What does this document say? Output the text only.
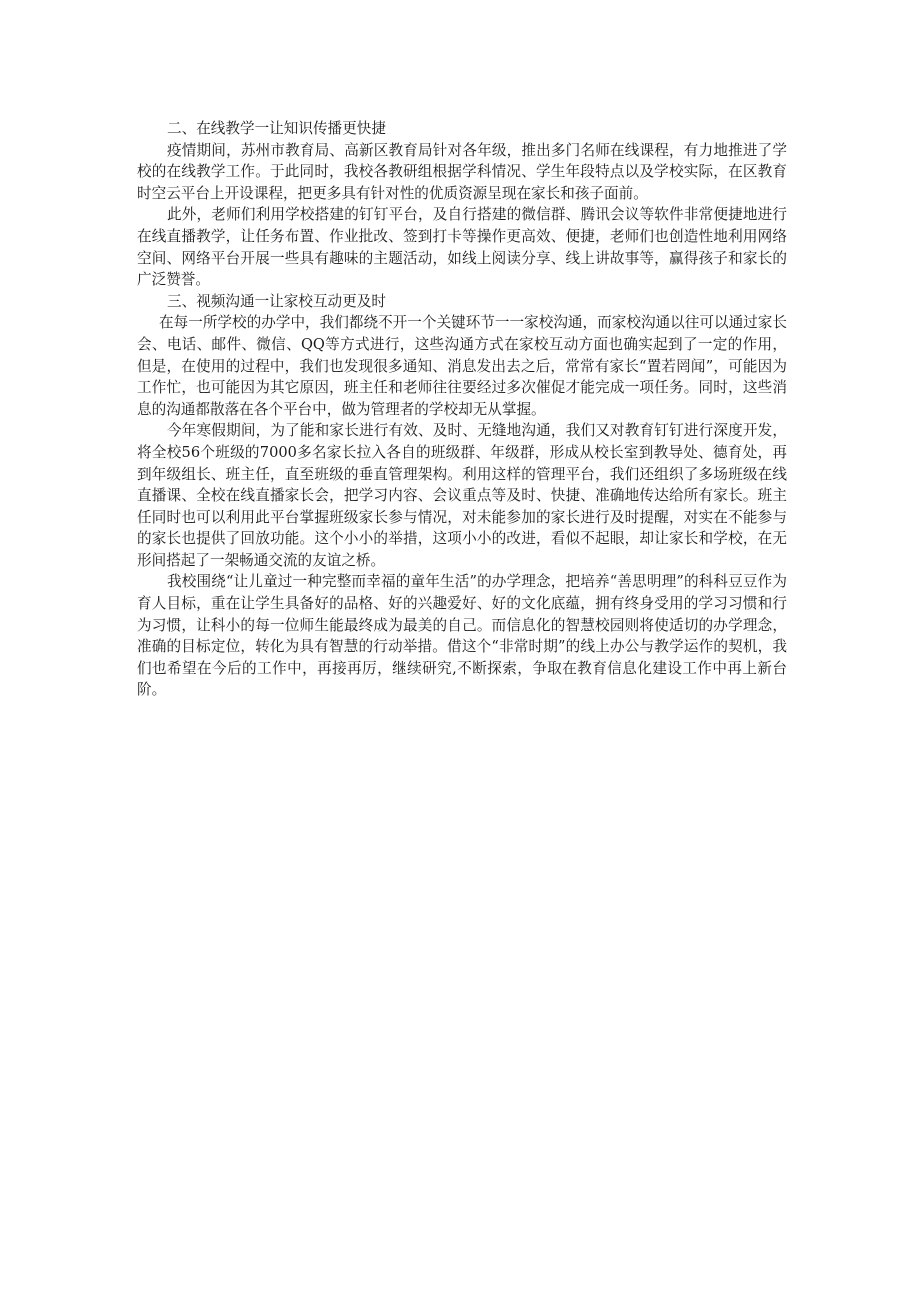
二、在线教学一让知识传播更快捷

疫情期间，苏州市教育局、高新区教育局针对各年级，推出多门名师在线课程，有力地推进了学校的在线教学工作。于此同时，我校各教研组根据学科情况、学生年段特点以及学校实际，在区教育时空云平台上开设课程，把更多具有针对性的优质资源呈现在家长和孩子面前。

此外，老师们利用学校搭建的钉钉平台，及自行搭建的微信群、腾讯会议等软件非常便捷地进行在线直播教学，让任务布置、作业批改、签到打卡等操作更高效、便捷，老师们也创造性地利用网络空间、网络平台开展一些具有趣味的主题活动，如线上阅读分享、线上讲故事等，赢得孩子和家长的广泛赞誉。

三、视频沟通一让家校互动更及时

在每一所学校的办学中，我们都绕不开一个关键环节一一家校沟通，而家校沟通以往可以通过家长会、电话、邮件、微信、QQ等方式进行，这些沟通方式在家校互动方面也确实起到了一定的作用，但是，在使用的过程中，我们也发现很多通知、消息发出去之后，常常有家长“置若罔闻”，可能因为工作忙，也可能因为其它原因，班主任和老师往往要经过多次催促才能完成一项任务。同时，这些消息的沟通都散落在各个平台中，做为管理者的学校却无从掌握。

今年寒假期间，为了能和家长进行有效、及时、无缝地沟通，我们又对教育钉钉进行深度开发，将全校56个班级的7000多名家长拉入各自的班级群、年级群，形成从校长室到教导处、德育处，再到年级组长、班主任，直至班级的垂直管理架构。利用这样的管理平台，我们还组织了多场班级在线直播课、全校在线直播家长会，把学习内容、会议重点等及时、快捷、准确地传达给所有家长。班主任同时也可以利用此平台掌握班级家长参与情况，对未能参加的家长进行及时提醒，对实在不能参与的家长也提供了回放功能。这个小小的举措，这项小小的改进，看似不起眼，却让家长和学校，在无形间搭起了一架畅通交流的友谊之桥。

我校围绕“让儿童过一种完整而幸福的童年生活”的办学理念，把培养“善思明理”的科科豆豆作为育人目标，重在让学生具备好的品格、好的兴趣爱好、好的文化底蕴，拥有终身受用的学习习惯和行为习惯，让科小的每一位师生能最终成为最美的自己。而信息化的智慧校园则将使适切的办学理念，准确的目标定位，转化为具有智慧的行动举措。借这个“非常时期”的线上办公与教学运作的契机，我们也希望在今后的工作中，再接再厉，继续研究,不断探索，争取在教育信息化建设工作中再上新台阶。
